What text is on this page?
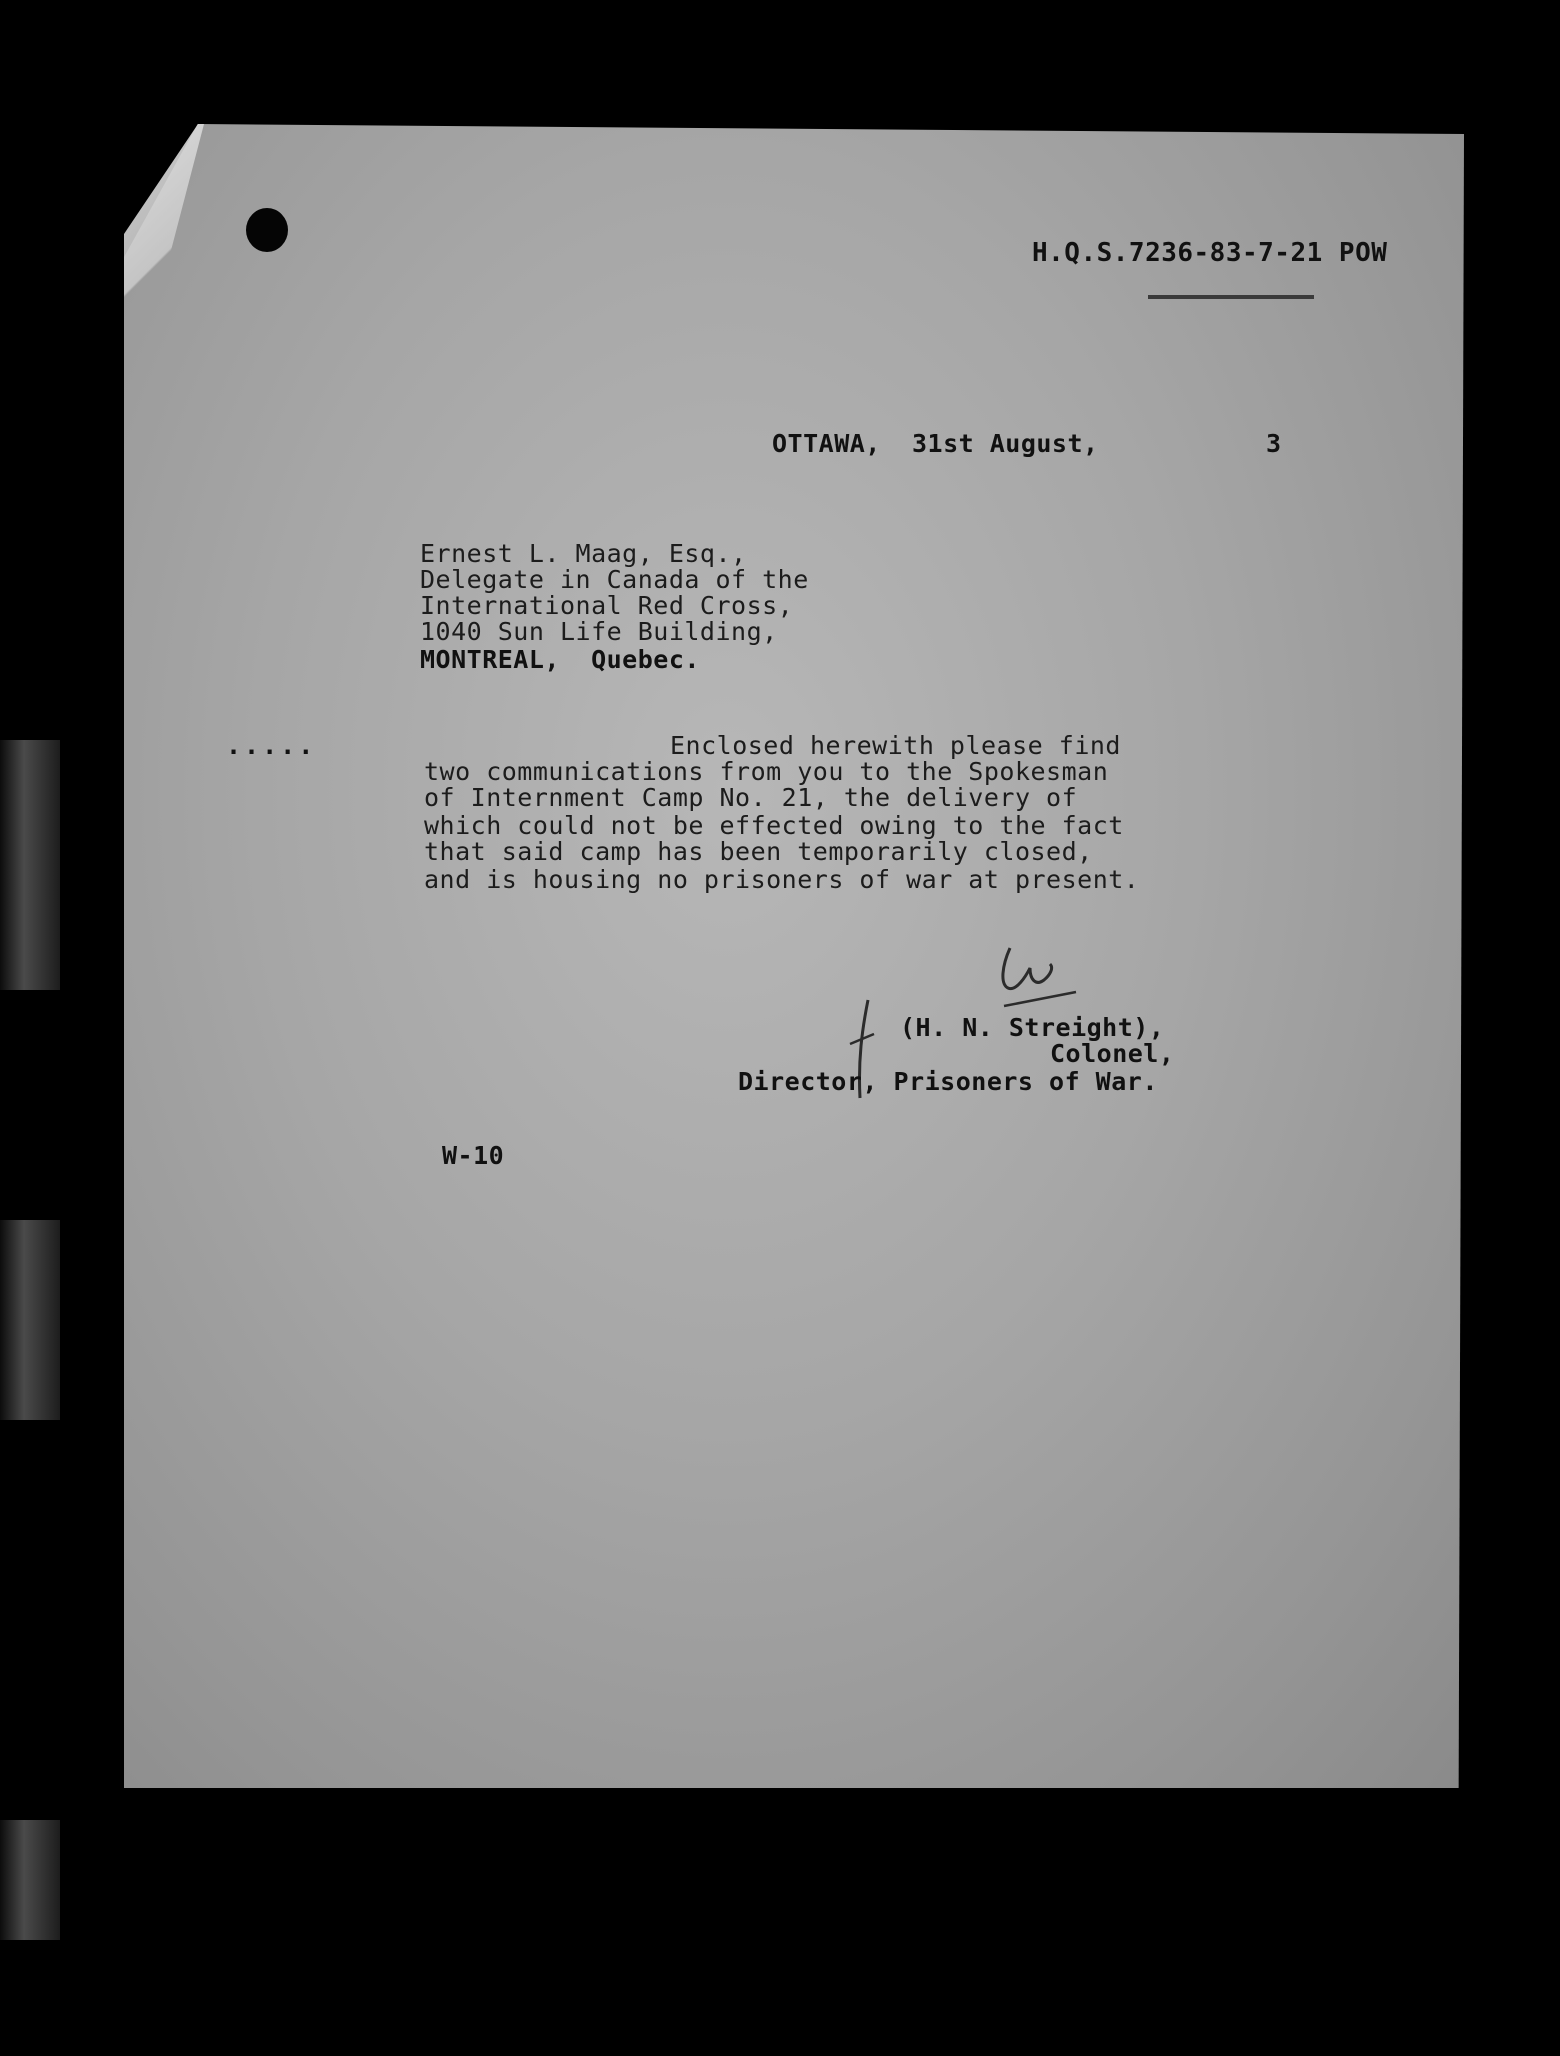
H.Q.S.7236-83-7-21 POW
OTTAWA,  31st August,	3
Ernest L. Maag, Esq.,
Delegate in Canada of the
International Red Cross,
1040 Sun Life Building,
MONTREAL,  Quebec.
.....	Enclosed herewith please find
two communications from you to the Spokesman
of Internment Camp No. 21, the delivery of
which could not be effected owing to the fact
that said camp has been temporarily closed,
and is housing no prisoners of war at present.
(H. N. Streight),
Colonel,
Director, Prisoners of War.
W-10
